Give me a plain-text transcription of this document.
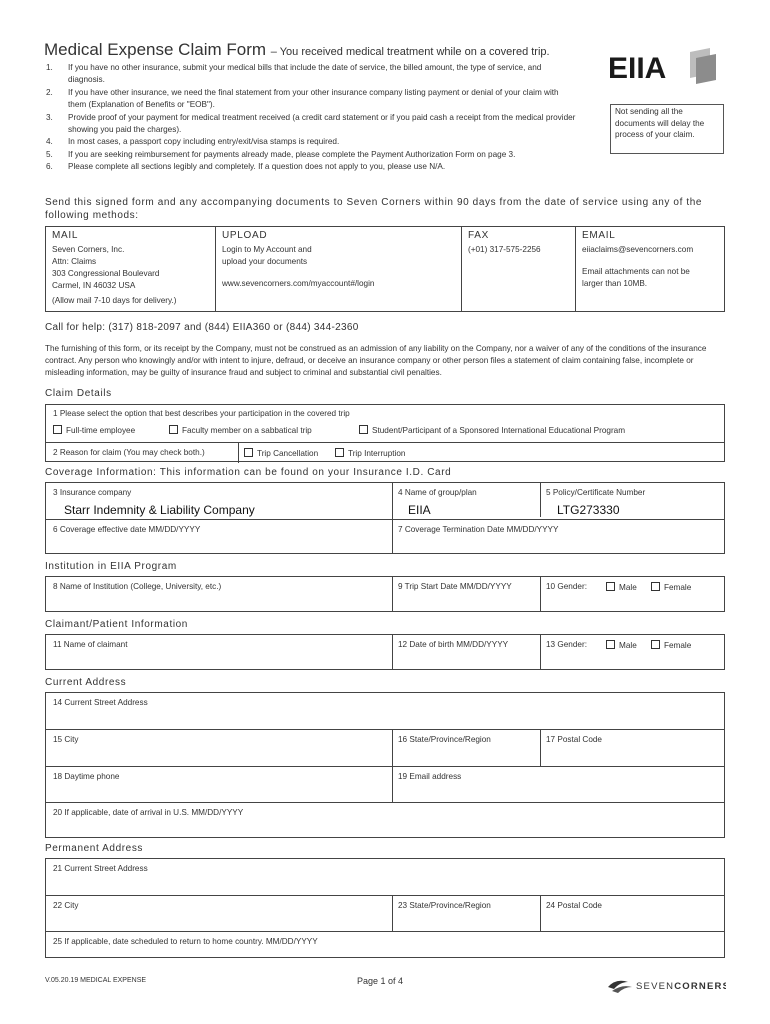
Medical Expense Claim Form – You received medical treatment while on a covered trip.
1. If you have no other insurance, submit your medical bills that include the date of service, the billed amount, the type of service, and diagnosis.
2. If you have other insurance, we need the final statement from your other insurance company listing payment or denial of your claim with them (Explanation of Benefits or "EOB").
3. Provide proof of your payment for medical treatment received (a credit card statement or if you paid cash a receipt from the medical provider showing you paid the charges).
4. In most cases, a passport copy including entry/exit/visa stamps is required.
5. If you are seeking reimbursement for payments already made, please complete the Payment Authorization Form on page 3.
6. Please complete all sections legibly and completely. If a question does not apply to you, please use N/A.
EIIA
Not sending all the documents will delay the process of your claim.
Send this signed form and any accompanying documents to Seven Corners within 90 days from the date of service using any of the following methods:
MAIL
Seven Corners, Inc.
Attn: Claims
303 Congressional Boulevard
Carmel, IN 46032 USA
(Allow mail 7-10 days for delivery.)
UPLOAD
Login to My Account and
upload your documents
www.sevencorners.com/myaccount#/login
FAX
(+01) 317-575-2256
EMAIL
eiiaclaims@sevencorners.com
Email attachments can not be
larger than 10MB.
Call for help: (317) 818-2097 and (844) EIIA360 or (844) 344-2360
The furnishing of this form, or its receipt by the Company, must not be construed as an admission of any liability on the Company, nor a waiver of any of the conditions of the insurance contract. Any person who knowingly and/or with intent to injure, defraud, or deceive an insurance company or other person files a statement of claim containing false, incomplete or misleading information, may be guilty of insurance fraud and subject to criminal and substantial civil penalties.
Claim Details
1 Please select the option that best describes your participation in the covered trip
Full-time employee	Faculty member on a sabbatical trip	Student/Participant of a Sponsored International Educational Program
2 Reason for claim (You may check both.)	Trip Cancellation	Trip Interruption
Coverage Information: This information can be found on your Insurance I.D. Card
3 Insurance company
Starr Indemnity & Liability Company
4 Name of group/plan
EIIA
5 Policy/Certificate Number
LTG273330
6 Coverage effective date MM/DD/YYYY	7 Coverage Termination Date MM/DD/YYYY
Institution in EIIA Program
8 Name of Institution (College, University, etc.)	9 Trip Start Date MM/DD/YYYY	10 Gender:	Male	Female
Claimant/Patient Information
11 Name of claimant	12 Date of birth MM/DD/YYYY	13 Gender:	Male	Female
Current Address
14 Current Street Address
15 City	16 State/Province/Region	17 Postal Code
18 Daytime phone	19 Email address
20 If applicable, date of arrival in U.S. MM/DD/YYYY
Permanent Address
21 Current Street Address
22 City	23 State/Province/Region	24 Postal Code
25 If applicable, date scheduled to return to home country. MM/DD/YYYY
V.05.20.19 MEDICAL EXPENSE	Page 1 of 4	SEVENCORNERS
